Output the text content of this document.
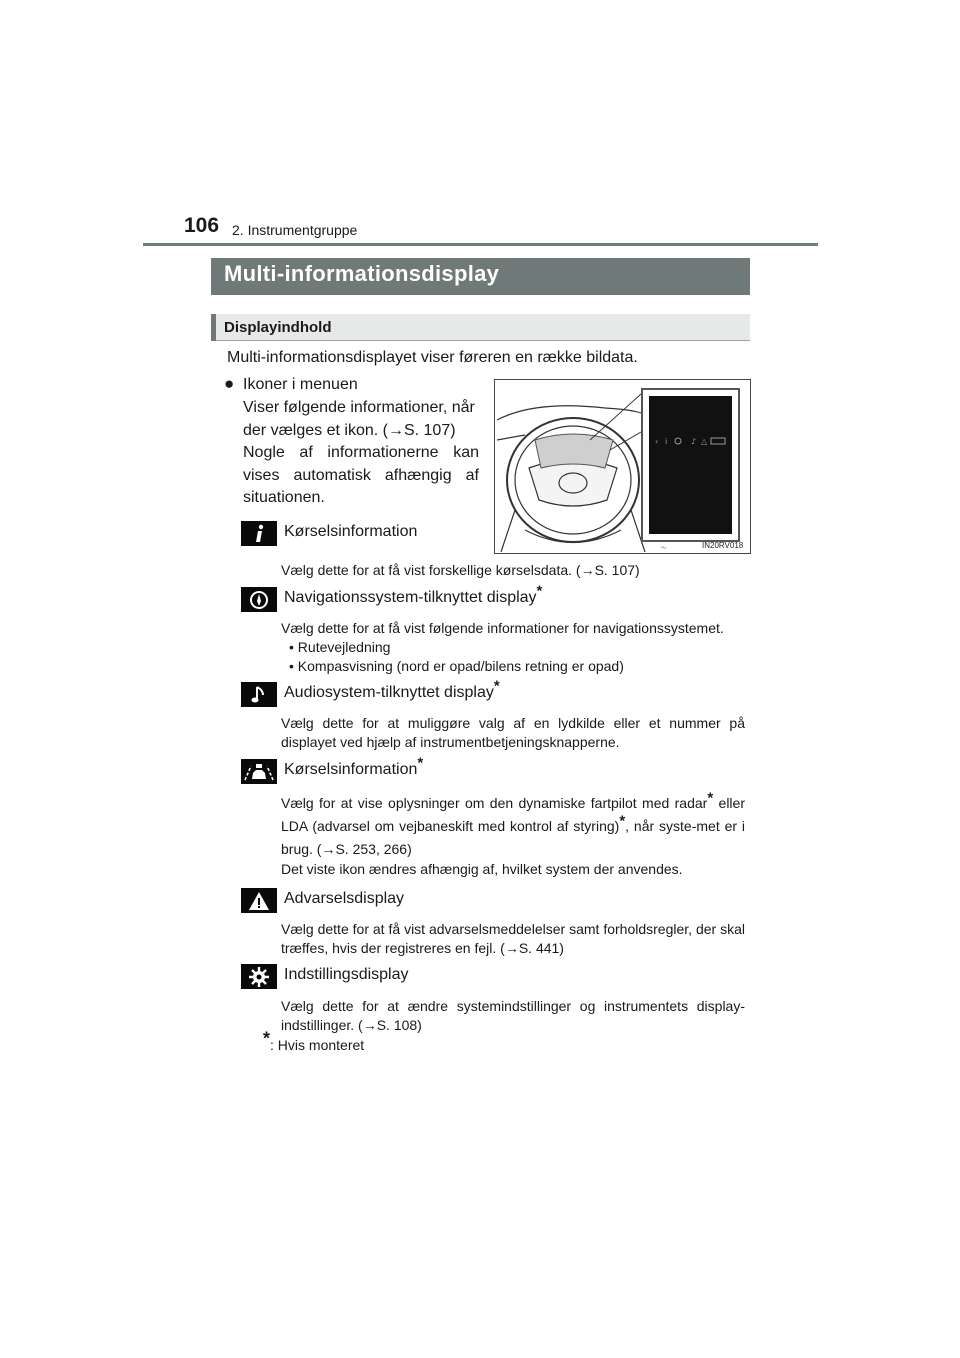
106 2. Instrumentgruppe
Multi-informationsdisplay
Displayindhold
Multi-informationsdisplayet viser føreren en række bildata.
● Ikoner i menuen
Viser følgende informationer, når
der vælges et ikon. (→S. 107)
Nogle af informationerne kan
vises automatisk afhængig af
situationen.
〜
‹ i	♪ △
IN20RV018
Kørselsinformation
Vælg dette for at få vist forskellige kørselsdata. (→S. 107)
Navigationssystem-tilknyttet display*
Vælg dette for at få vist følgende informationer for navigationssystemet.
• Rutevejledning
• Kompasvisning (nord er opad/bilens retning er opad)
Audiosystem-tilknyttet display*
Vælg dette for at muliggøre valg af en lydkilde eller et nummer på displayet ved hjælp af instrumentbetjeningsknapperne.
Kørselsinformation*
Vælg for at vise oplysninger om den dynamiske fartpilot med radar* eller LDA (advarsel om vejbaneskift med kontrol af styring)*, når syste-met er i brug. (→S. 253, 266)
Det viste ikon ændres afhængig af, hvilket system der anvendes.
Advarselsdisplay
Vælg dette for at få vist advarselsmeddelelser samt forholdsregler, der skal træffes, hvis der registreres en fejl. (→S. 441)
Indstillingsdisplay
Vælg dette for at ændre systemindstillinger og instrumentets display-indstillinger. (→S. 108)
*: Hvis monteret
